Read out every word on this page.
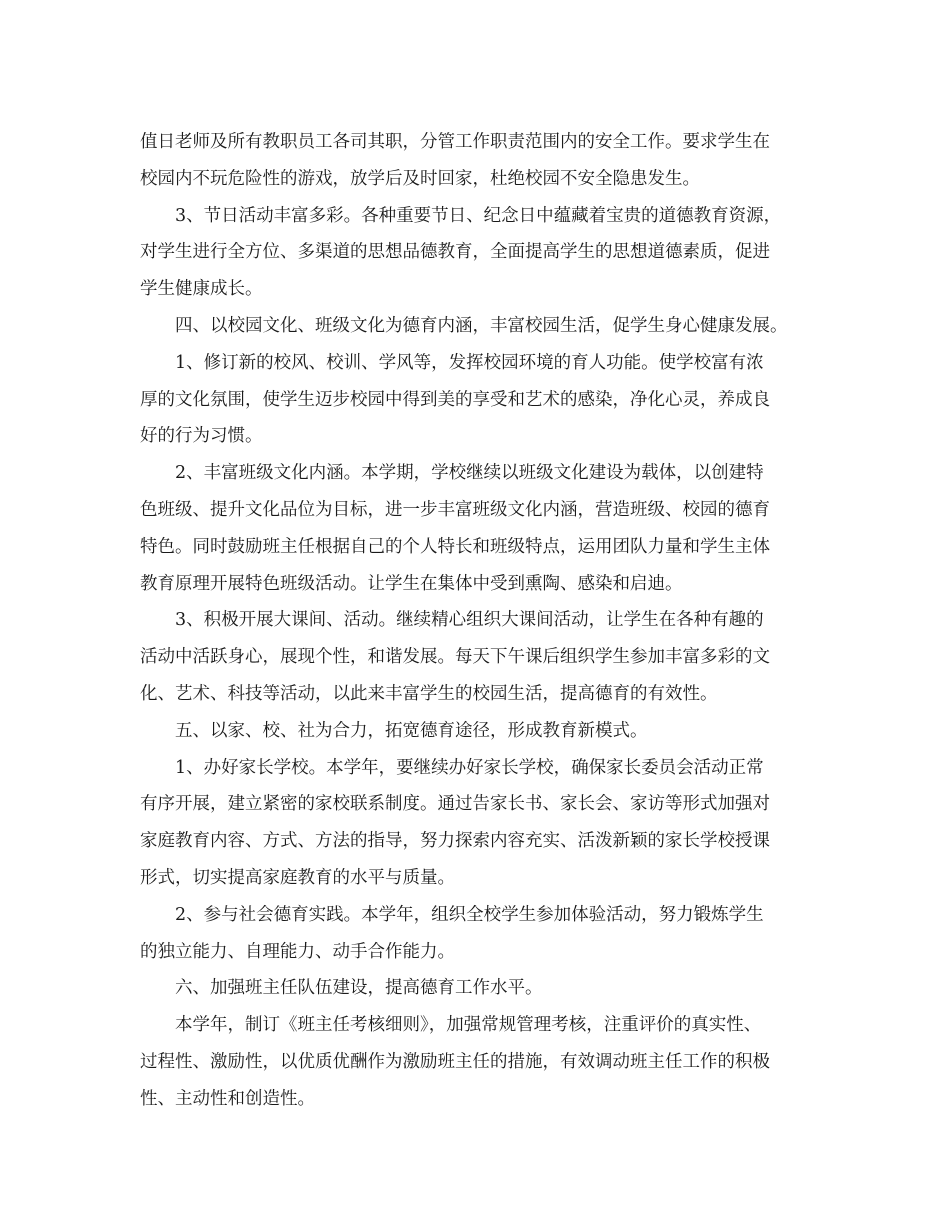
值日老师及所有教职员工各司其职，分管工作职责范围内的安全工作。要求学生在
校园内不玩危险性的游戏，放学后及时回家，杜绝校园不安全隐患发生。
3、节日活动丰富多彩。各种重要节日、纪念日中蕴藏着宝贵的道德教育资源，
对学生进行全方位、多渠道的思想品德教育，全面提高学生的思想道德素质，促进
学生健康成长。
四、以校园文化、班级文化为德育内涵，丰富校园生活，促学生身心健康发展。
1、修订新的校风、校训、学风等，发挥校园环境的育人功能。使学校富有浓
厚的文化氛围，使学生迈步校园中得到美的享受和艺术的感染，净化心灵，养成良
好的行为习惯。
2、丰富班级文化内涵。本学期，学校继续以班级文化建设为载体，以创建特
色班级、提升文化品位为目标，进一步丰富班级文化内涵，营造班级、校园的德育
特色。同时鼓励班主任根据自己的个人特长和班级特点，运用团队力量和学生主体
教育原理开展特色班级活动。让学生在集体中受到熏陶、感染和启迪。
3、积极开展大课间、活动。继续精心组织大课间活动，让学生在各种有趣的
活动中活跃身心，展现个性，和谐发展。每天下午课后组织学生参加丰富多彩的文
化、艺术、科技等活动，以此来丰富学生的校园生活，提高德育的有效性。
五、以家、校、社为合力，拓宽德育途径，形成教育新模式。
1、办好家长学校。本学年，要继续办好家长学校，确保家长委员会活动正常
有序开展，建立紧密的家校联系制度。通过告家长书、家长会、家访等形式加强对
家庭教育内容、方式、方法的指导，努力探索内容充实、活泼新颖的家长学校授课
形式，切实提高家庭教育的水平与质量。
2、参与社会德育实践。本学年，组织全校学生参加体验活动，努力锻炼学生
的独立能力、自理能力、动手合作能力。
六、加强班主任队伍建设，提高德育工作水平。
本学年，制订《班主任考核细则》，加强常规管理考核，注重评价的真实性、
过程性、激励性，以优质优酬作为激励班主任的措施，有效调动班主任工作的积极
性、主动性和创造性。
